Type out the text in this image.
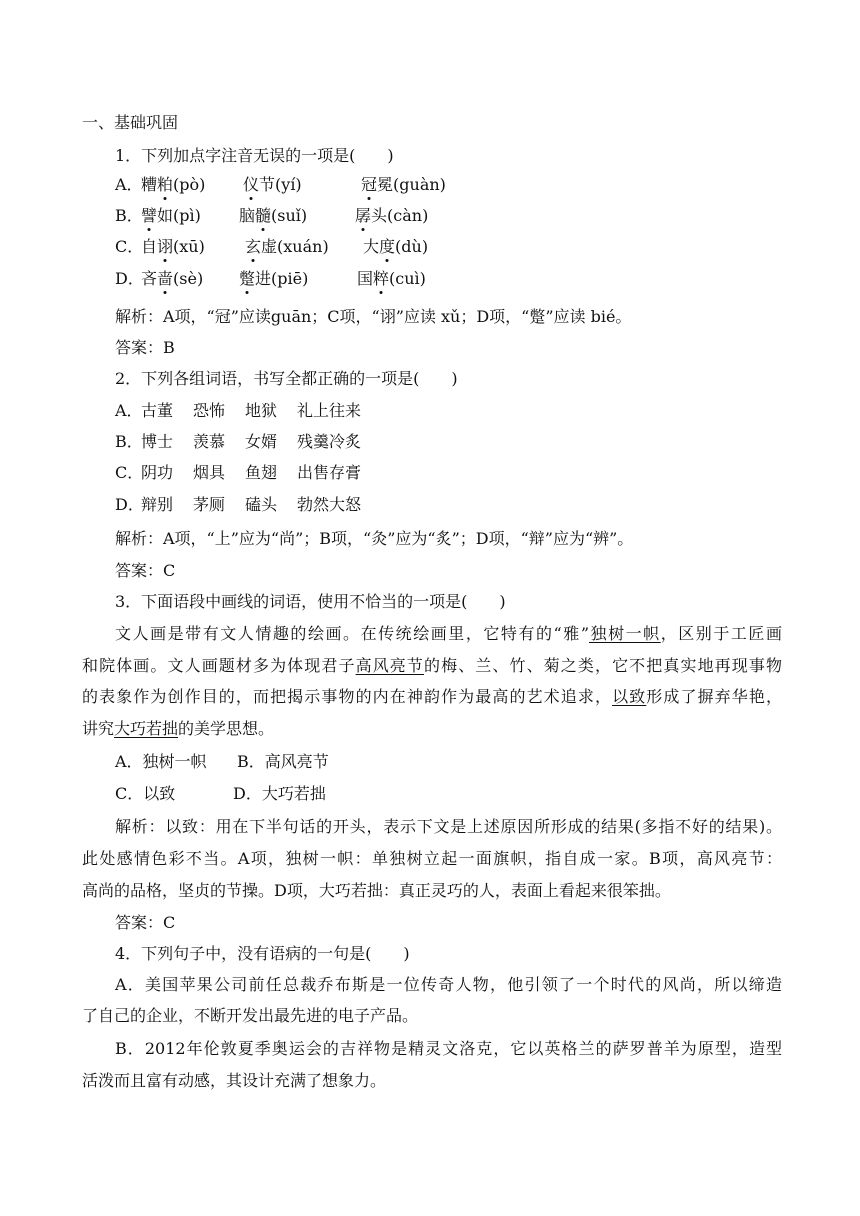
一、基础巩固
1．下列加点字注音无误的一项是(　　)
A．
糟粕(pò) 仪节(yí)	冠冕(guàn)
B．
譬如(pì) 脑髓(suǐ)	孱头(càn)
C．
自诩(xū)	玄虚(xuán) 大度(dù)
D．
吝啬(sè) 蹩进(piē)	国粹(cuì)
解析：A项，“冠”应读guān；C项，“诩”应读 xǔ；D项，“蹩”应读 bié。
答案：B
2．下列各组词语，书写全都正确的一项是(　　)
A．
古董 恐怖 地狱 礼上往来
B．
博士 羡慕 女婿 残羹冷炙
C．
阴功 烟具 鱼翅 出售存膏
D．
辩别 茅厕 磕头 勃然大怒
解析：A项，“上”应为“尚”；B项，“灸”应为“炙”；D项，“辩”应为“辨”。
答案：C
3．下面语段中画线的词语，使用不恰当的一项是(　　)
文人画是带有文人情趣的绘画。在传统绘画里，它特有的“雅”独树一帜，区别于工匠画
和院体画。文人画题材多为体现君子高风亮节的梅、兰、竹、菊之类，它不把真实地再现事物
的表象作为创作目的，而把揭示事物的内在神韵作为最高的艺术追求，以致形成了摒弃华艳，
讲究大巧若拙的美学思想。
A．独树一帜 B．高风亮节
C．以致	D．大巧若拙
解析：以致：用在下半句话的开头，表示下文是上述原因所形成的结果(多指不好的结果)。
此处感情色彩不当。A项，独树一帜：单独树立起一面旗帜，指自成一家。B项，高风亮节：
高尚的品格，坚贞的节操。D项，大巧若拙：真正灵巧的人，表面上看起来很笨拙。
答案：C
4．下列句子中，没有语病的一句是(　　)
A．美国苹果公司前任总裁乔布斯是一位传奇人物，他引领了一个时代的风尚，所以缔造
了自己的企业，不断开发出最先进的电子产品。
B．2012年伦敦夏季奥运会的吉祥物是精灵文洛克，它以英格兰的萨罗普羊为原型，造型
活泼而且富有动感，其设计充满了想象力。
